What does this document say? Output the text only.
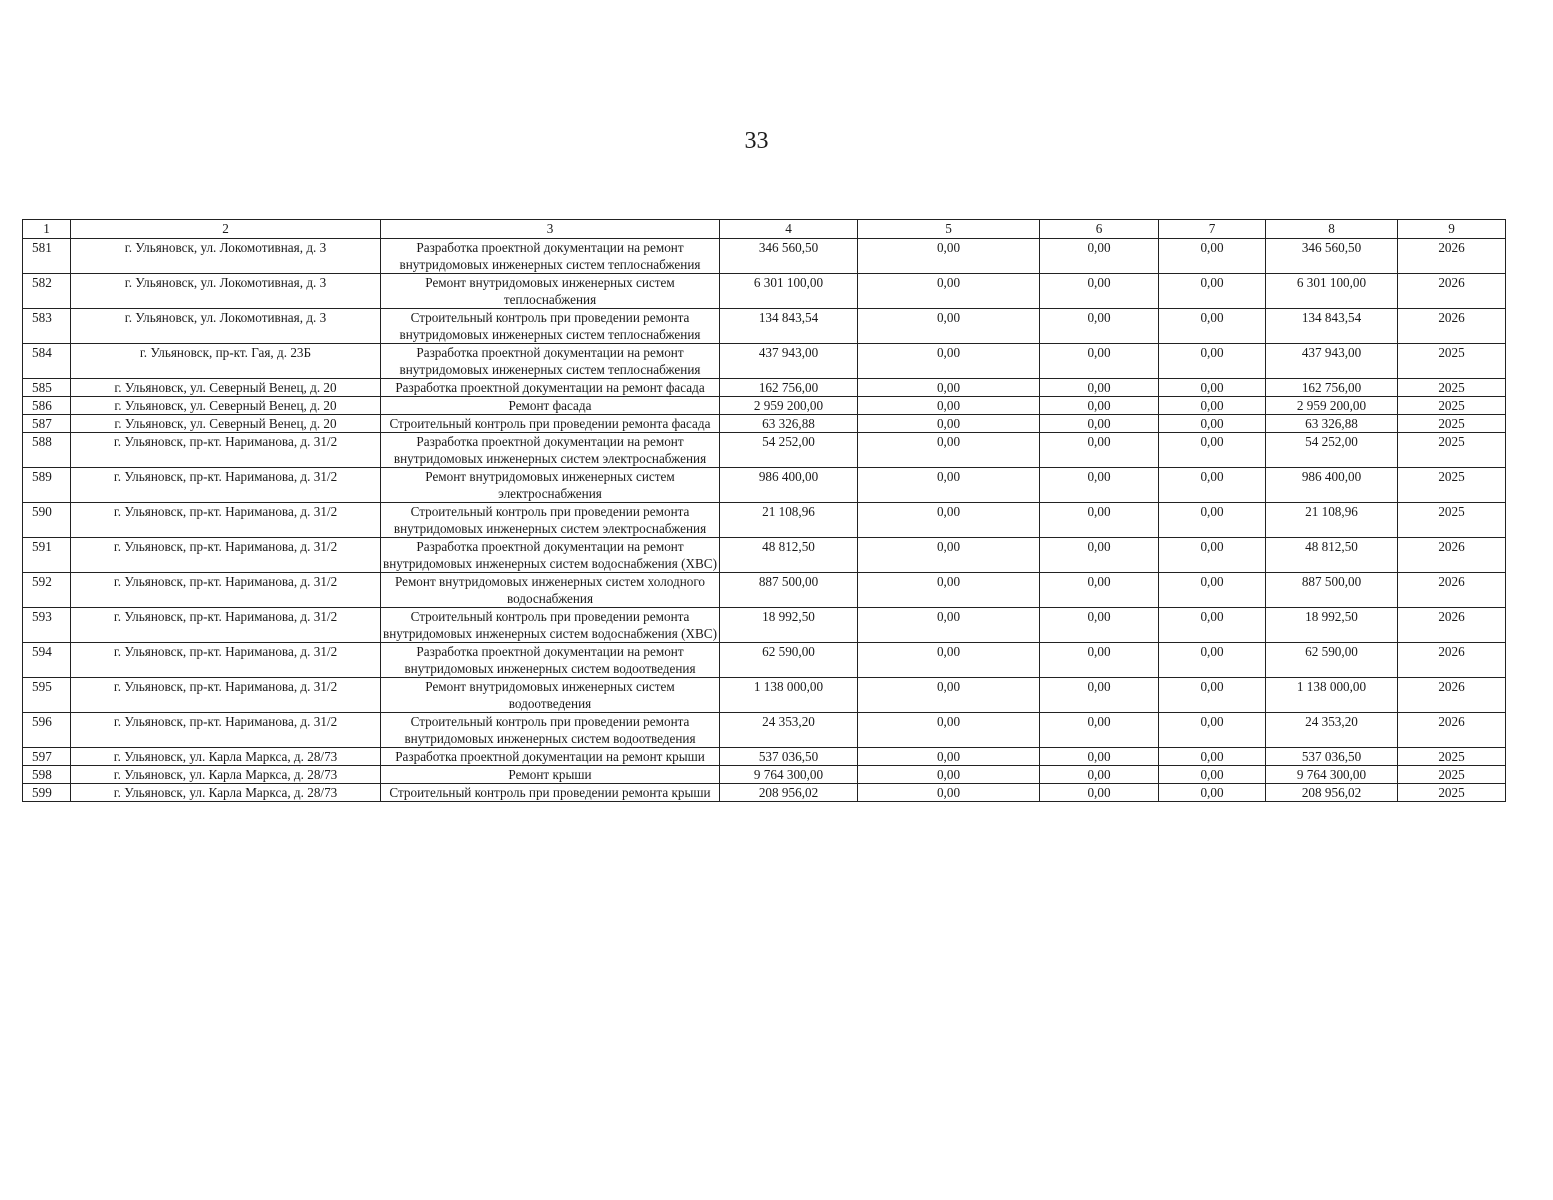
33
1	2	3	4	5	6	7	8	9
581	г. Ульяновск, ул. Локомотивная, д. 3	Разработка проектной документации на ремонт внутридомовых инженерных систем теплоснабжения	346 560,50	0,00	0,00	0,00	346 560,50	2026
582	г. Ульяновск, ул. Локомотивная, д. 3	Ремонт внутридомовых инженерных систем теплоснабжения	6 301 100,00	0,00	0,00	0,00	6 301 100,00	2026
583	г. Ульяновск, ул. Локомотивная, д. 3	Строительный контроль при проведении ремонта внутридомовых инженерных систем теплоснабжения	134 843,54	0,00	0,00	0,00	134 843,54	2026
584	г. Ульяновск, пр-кт. Гая, д. 23Б	Разработка проектной документации на ремонт внутридомовых инженерных систем теплоснабжения	437 943,00	0,00	0,00	0,00	437 943,00	2025
585	г. Ульяновск, ул. Северный Венец, д. 20	Разработка проектной документации на ремонт фасада	162 756,00	0,00	0,00	0,00	162 756,00	2025
586	г. Ульяновск, ул. Северный Венец, д. 20	Ремонт фасада	2 959 200,00	0,00	0,00	0,00	2 959 200,00	2025
587	г. Ульяновск, ул. Северный Венец, д. 20	Строительный контроль при проведении ремонта фасада	63 326,88	0,00	0,00	0,00	63 326,88	2025
588	г. Ульяновск, пр-кт. Нариманова, д. 31/2	Разработка проектной документации на ремонт внутридомовых инженерных систем электроснабжения	54 252,00	0,00	0,00	0,00	54 252,00	2025
589	г. Ульяновск, пр-кт. Нариманова, д. 31/2	Ремонт внутридомовых инженерных систем электроснабжения	986 400,00	0,00	0,00	0,00	986 400,00	2025
590	г. Ульяновск, пр-кт. Нариманова, д. 31/2	Строительный контроль при проведении ремонта внутридомовых инженерных систем электроснабжения	21 108,96	0,00	0,00	0,00	21 108,96	2025
591	г. Ульяновск, пр-кт. Нариманова, д. 31/2	Разработка проектной документации на ремонт внутридомовых инженерных систем водоснабжения (ХВС)	48 812,50	0,00	0,00	0,00	48 812,50	2026
592	г. Ульяновск, пр-кт. Нариманова, д. 31/2	Ремонт внутридомовых инженерных систем холодного водоснабжения	887 500,00	0,00	0,00	0,00	887 500,00	2026
593	г. Ульяновск, пр-кт. Нариманова, д. 31/2	Строительный контроль при проведении ремонта внутридомовых инженерных систем водоснабжения (ХВС)	18 992,50	0,00	0,00	0,00	18 992,50	2026
594	г. Ульяновск, пр-кт. Нариманова, д. 31/2	Разработка проектной документации на ремонт внутридомовых инженерных систем водоотведения	62 590,00	0,00	0,00	0,00	62 590,00	2026
595	г. Ульяновск, пр-кт. Нариманова, д. 31/2	Ремонт внутридомовых инженерных систем водоотведения	1 138 000,00	0,00	0,00	0,00	1 138 000,00	2026
596	г. Ульяновск, пр-кт. Нариманова, д. 31/2	Строительный контроль при проведении ремонта внутридомовых инженерных систем водоотведения	24 353,20	0,00	0,00	0,00	24 353,20	2026
597	г. Ульяновск, ул. Карла Маркса, д. 28/73	Разработка проектной документации на ремонт крыши	537 036,50	0,00	0,00	0,00	537 036,50	2025
598	г. Ульяновск, ул. Карла Маркса, д. 28/73	Ремонт крыши	9 764 300,00	0,00	0,00	0,00	9 764 300,00	2025
599	г. Ульяновск, ул. Карла Маркса, д. 28/73	Строительный контроль при проведении ремонта крыши	208 956,02	0,00	0,00	0,00	208 956,02	2025
